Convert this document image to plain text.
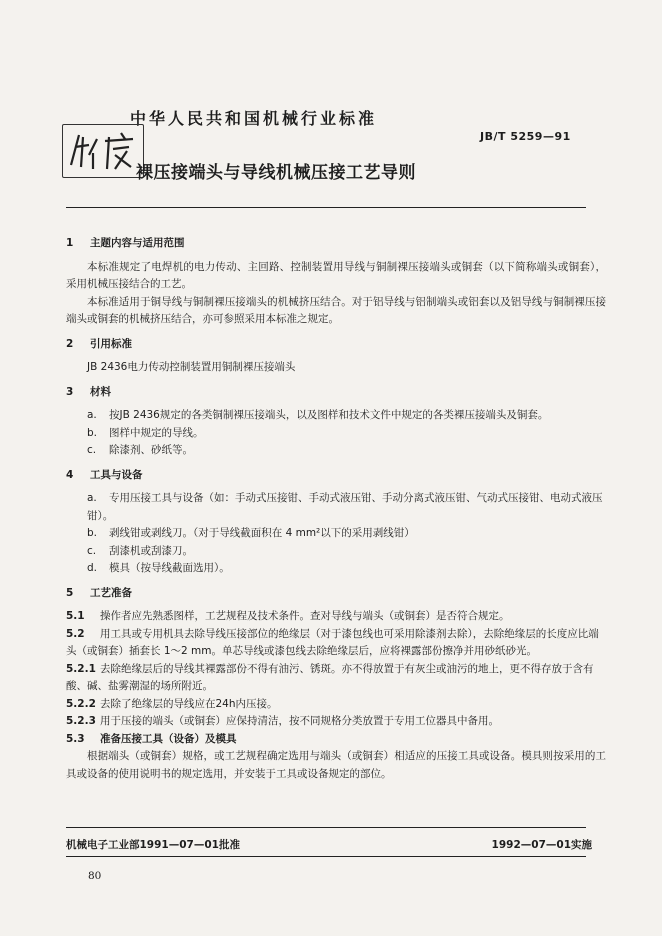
中华人民共和国机械行业标准
JB/T 5259—91
裸压接端头与导线机械压接工艺导则
1 主题内容与适用范围
本标准规定了电焊机的电力传动、主回路、控制装置用导线与铜制裸压接端头或铜套（以下简称端头或铜套），采用机械压接结合的工艺。
本标准适用于铜导线与铜制裸压接端头的机械挤压结合。对于铝导线与铝制端头或铝套以及铝导线与铜制裸压接端头或铜套的机械挤压结合，亦可参照采用本标准之规定。
2 引用标准
JB 2436电力传动控制装置用铜制裸压接端头
3 材料
a. 按JB 2436规定的各类铜制裸压接端头，以及图样和技术文件中规定的各类裸压接端头及铜套。
b. 图样中规定的导线。
c. 除漆剂、砂纸等。
4 工具与设备
a. 专用压接工具与设备（如：手动式压接钳、手动式液压钳、手动分离式液压钳、气动式压接钳、电动式液压钳）。
b. 剥线钳或剥线刀。（对于导线截面积在 4 mm²以下的采用剥线钳）
c. 刮漆机或刮漆刀。
d. 模具（按导线截面选用）。
5 工艺准备
5.1 操作者应先熟悉图样，工艺规程及技术条件。查对导线与端头（或铜套）是否符合规定。
5.2 用工具或专用机具去除导线压接部位的绝缘层（对于漆包线也可采用除漆剂去除），去除绝缘层的长度应比端头（或铜套）插套长 1～2 mm。单芯导线或漆包线去除绝缘层后，应将裸露部份擦净并用砂纸砂光。
5.2.1 去除绝缘层后的导线其裸露部份不得有油污、锈斑。亦不得放置于有灰尘或油污的地上，更不得存放于含有酸、碱、盐雾潮湿的场所附近。
5.2.2 去除了绝缘层的导线应在24h内压接。
5.2.3 用于压接的端头（或铜套）应保持清洁，按不同规格分类放置于专用工位器具中备用。
5.3 准备压接工具（设备）及模具
根据端头（或铜套）规格，或工艺规程确定选用与端头（或铜套）相适应的压接工具或设备。模具则按采用的工具或设备的使用说明书的规定选用，并安装于工具或设备规定的部位。
机械电子工业部1991—07—01批准	1992—07—01实施
80
